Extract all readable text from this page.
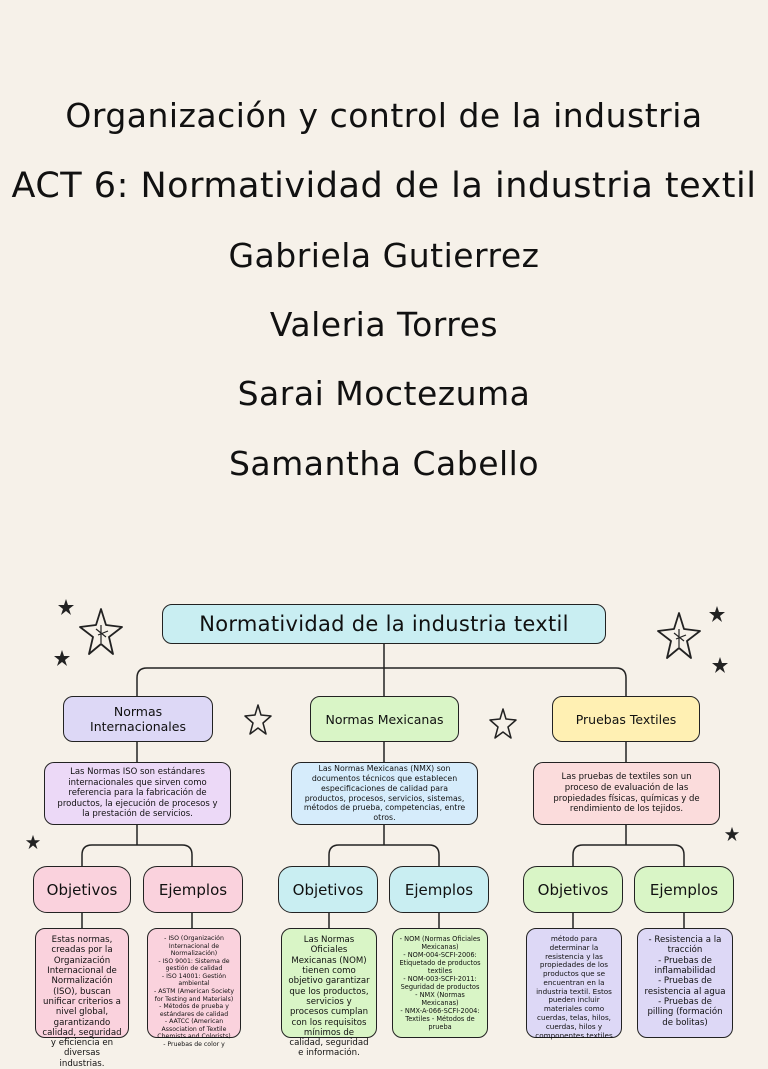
Organización y control de la industria
ACT 6: Normatividad de la industria textil
Gabriela Gutierrez
Valeria Torres
Sarai Moctezuma
Samantha Cabello
Normatividad de la industria textil
Normas Internacionales	Normas Mexicanas	Pruebas Textiles
Las Normas ISO son estándares internacionales que sirven como referencia para la fabricación de productos, la ejecución de procesos y la prestación de servicios.
Las Normas Mexicanas (NMX) son documentos técnicos que establecen especificaciones de calidad para productos, procesos, servicios, sistemas, métodos de prueba, competencias, entre otros.
Las pruebas de textiles son un proceso de evaluación de las propiedades físicas, químicas y de rendimiento de los tejidos.
Objetivos	Ejemplos	Objetivos	Ejemplos	Objetivos	Ejemplos
Estas normas, creadas por la Organización Internacional de Normalización (ISO), buscan unificar criterios a nivel global, garantizando calidad, seguridad y eficiencia en diversas industrias.
- ISO (Organización Internacional de Normalización)
- ISO 9001: Sistema de gestión de calidad
- ISO 14001: Gestión ambiental
- ASTM (American Society for Testing and Materials)
- Métodos de prueba y estándares de calidad
- AATCC (American Association of Textile Chemists and Colorists)
- Pruebas de color y
Las Normas Oficiales Mexicanas (NOM) tienen como objetivo garantizar que los productos, servicios y procesos cumplan con los requisitos mínimos de calidad, seguridad e información.
- NOM (Normas Oficiales Mexicanas)
- NOM-004-SCFI-2006: Etiquetado de productos textiles
- NOM-003-SCFI-2011: Seguridad de productos
- NMX (Normas Mexicanas)
- NMX-A-066-SCFI-2004: Textiles - Métodos de prueba
método para determinar la resistencia y las propiedades de los productos que se encuentran en la industria textil. Estos pueden incluir materiales como cuerdas, telas, hilos, cuerdas, hilos y componentes textiles
- Resistencia a la tracción
- Pruebas de inflamabilidad
- Pruebas de resistencia al agua
- Pruebas de pilling (formación de bolitas)
